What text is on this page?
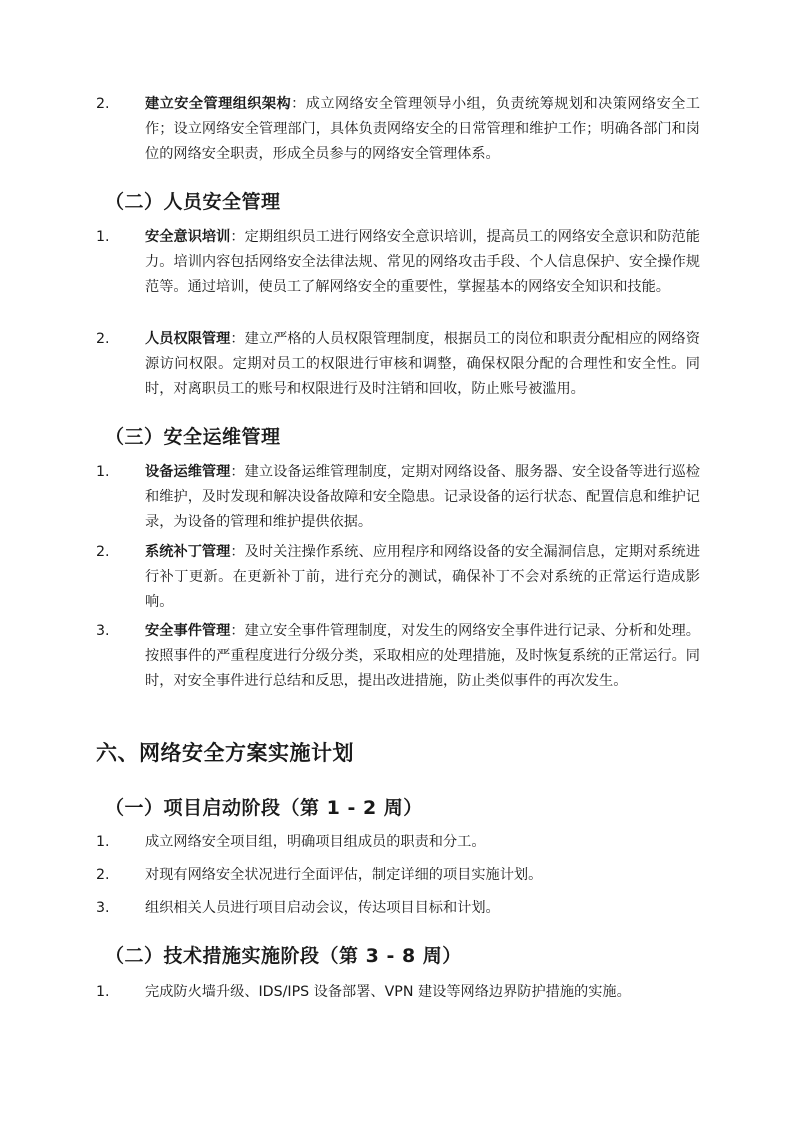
2.	建立安全管理组织架构：成立网络安全管理领导小组，负责统筹规划和决策网络安全工作；设立网络安全管理部门，具体负责网络安全的日常管理和维护工作；明确各部门和岗位的网络安全职责，形成全员参与的网络安全管理体系。
（二）人员安全管理
1.	安全意识培训：定期组织员工进行网络安全意识培训，提高员工的网络安全意识和防范能力。培训内容包括网络安全法律法规、常见的网络攻击手段、个人信息保护、安全操作规范等。通过培训，使员工了解网络安全的重要性，掌握基本的网络安全知识和技能。
2.	人员权限管理：建立严格的人员权限管理制度，根据员工的岗位和职责分配相应的网络资源访问权限。定期对员工的权限进行审核和调整，确保权限分配的合理性和安全性。同时，对离职员工的账号和权限进行及时注销和回收，防止账号被滥用。
（三）安全运维管理
1.	设备运维管理：建立设备运维管理制度，定期对网络设备、服务器、安全设备等进行巡检和维护，及时发现和解决设备故障和安全隐患。记录设备的运行状态、配置信息和维护记录，为设备的管理和维护提供依据。
2.	系统补丁管理：及时关注操作系统、应用程序和网络设备的安全漏洞信息，定期对系统进行补丁更新。在更新补丁前，进行充分的测试，确保补丁不会对系统的正常运行造成影响。
3.	安全事件管理：建立安全事件管理制度，对发生的网络安全事件进行记录、分析和处理。按照事件的严重程度进行分级分类，采取相应的处理措施，及时恢复系统的正常运行。同时，对安全事件进行总结和反思，提出改进措施，防止类似事件的再次发生。
六、网络安全方案实施计划
（一）项目启动阶段（第 1 - 2 周）
1.	成立网络安全项目组，明确项目组成员的职责和分工。
2.	对现有网络安全状况进行全面评估，制定详细的项目实施计划。
3.	组织相关人员进行项目启动会议，传达项目目标和计划。
（二）技术措施实施阶段（第 3 - 8 周）
1.	完成防火墙升级、IDS/IPS 设备部署、VPN 建设等网络边界防护措施的实施。
